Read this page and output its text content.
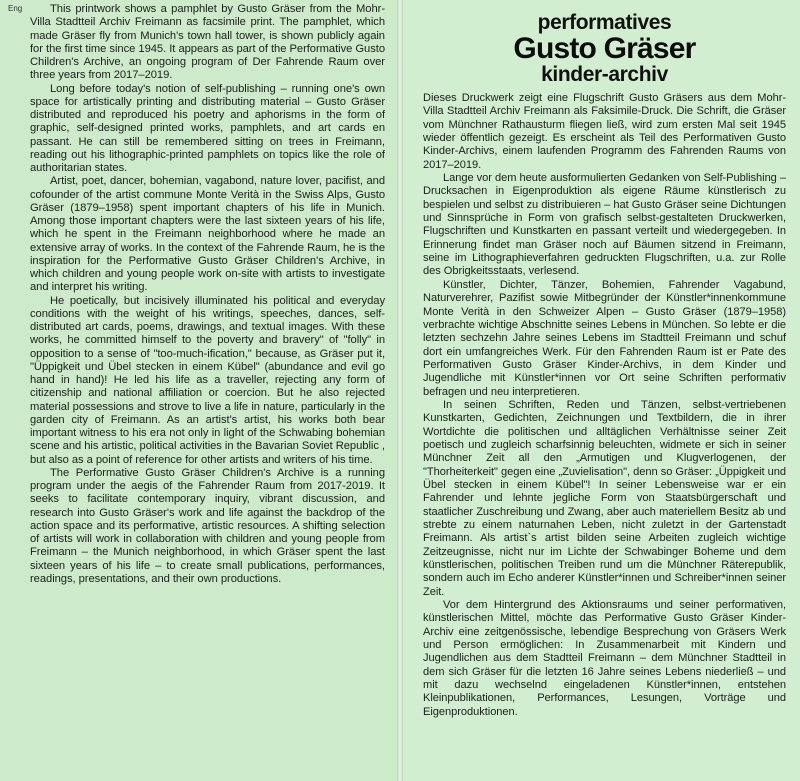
Eng	This printwork shows a pamphlet by Gusto Gräser from the Mohr-Villa Stadtteil Archiv Freimann as facsimile print. The pamphlet, which made Gräser fly from Munich's town hall tower, is shown publicly again for the first time since 1945. It appears as part of the Performative Gusto Children's Archive, an ongoing program of Der Fahrende Raum over three years from 2017–2019.

Long before today's notion of self-publishing – running one's own space for artistically printing and distributing material – Gusto Gräser distributed and reproduced his poetry and aphorisms in the form of graphic, self-designed printed works, pamphlets, and art cards en passant. He can still be remembered sitting on trees in Freimann, reading out his lithographic-printed pamphlets on topics like the role of authoritarian states.

Artist, poet, dancer, bohemian, vagabond, nature lover, pacifist, and cofounder of the artist commune Monte Verità in the Swiss Alps, Gusto Gräser (1879–1958) spent important chapters of his life in Munich. Among those important chapters were the last sixteen years of his life, which he spent in the Freimann neighborhood where he made an extensive array of works. In the context of the Fahrende Raum, he is the inspiration for the Performative Gusto Gräser Children's Archive, in which children and young people work on-site with artists to investigate and interpret his writing.

He poetically, but incisively illuminated his political and everyday conditions with the weight of his writings, speeches, dances, self-distributed art cards, poems, drawings, and textual images. With these works, he committed himself to the poverty and bravery" of "folly" in opposition to a sense of "too-much-ification," because, as Gräser put it, "Üppigkeit und Übel stecken in einem Kübel" (abundance and evil go hand in hand)! He led his life as a traveller, rejecting any form of citizenship and national affiliation or coercion. But he also rejected material possessions and strove to live a life in nature, particularly in the garden city of Freimann. As an artist's artist, his works both bear important witness to his era not only in light of the Schwabing bohemian scene and his artistic, political activities in the Bavarian Soviet Republic , but also as a point of reference for other artists and writers of his time.

The Performative Gusto Gräser Children's Archive is a running program under the aegis of the Fahrender Raum from 2017-2019. It seeks to facilitate contemporary inquiry, vibrant discussion, and research into Gusto Gräser's work and life against the backdrop of the action space and its performative, artistic resources. A shifting selection of artists will work in collaboration with children and young people from Freimann – the Munich neighborhood, in which Gräser spent the last sixteen years of his life – to create small publications, performances, readings, presentations, and their own productions.

performatives
Gusto Gräser
kinder-archiv

Dieses Druckwerk zeigt eine Flugschrift Gusto Gräsers aus dem Mohr-Villa Stadtteil Archiv Freimann als Faksimile-Druck. Die Schrift, die Gräser vom Münchner Rathausturm fliegen ließ, wird zum ersten Mal seit 1945 wieder öffentlich gezeigt. Es erscheint als Teil des Performativen Gusto Kinder-Archivs, einem laufenden Programm des Fahrenden Raums von 2017–2019.

Lange vor dem heute ausformulierten Gedanken von Self-Publishing – Drucksachen in Eigenproduktion als eigene Räume künstlerisch zu bespielen und selbst zu distribuieren – hat Gusto Gräser seine Dichtungen und Sinnsprüche in Form von grafisch selbst-gestalteten Druckwerken, Flugschriften und Kunstkarten en passant verteilt und wiedergegeben. In Erinnerung findet man Gräser noch auf Bäumen sitzend in Freimann, seine im Lithographieverfahren gedruckten Flugschriften, u.a. zur Rolle des Obrigkeitsstaats, verlesend.

Künstler, Dichter, Tänzer, Bohemien, Fahrender Vagabund, Naturverehrer, Pazifist sowie Mitbegründer der Künstler*innenkommune Monte Verità in den Schweizer Alpen – Gusto Gräser (1879–1958) verbrachte wichtige Abschnitte seines Lebens in München. So lebte er die letzten sechzehn Jahre seines Lebens im Stadtteil Freimann und schuf dort ein umfangreiches Werk. Für den Fahrenden Raum ist er Pate des Performativen Gusto Gräser Kinder-Archivs, in dem Kinder und Jugendliche mit Künstler*innen vor Ort seine Schriften performativ befragen und neu interpretieren.

In seinen Schriften, Reden und Tänzen, selbst-vertriebenen Kunstkarten, Gedichten, Zeichnungen und Textbildern, die in ihrer Wortdichte die politischen und alltäglichen Verhältnisse seiner Zeit poetisch und zugleich scharfsinnig beleuchten, widmete er sich in seiner Münchner Zeit all den „Armutigen und Klugverlogenen, der "Thorheiterkeit" gegen eine „Zuvielisation", denn so Gräser: „Üppigkeit und Übel stecken in einem Kübel"! In seiner Lebensweise war er ein Fahrender und lehnte jegliche Form von Staatsbürgerschaft und staatlicher Zuschreibung und Zwang, aber auch materiellem Besitz ab und strebte zu einem naturnahen Leben, nicht zuletzt in der Gartenstadt Freimann. Als artist`s artist bilden seine Arbeiten zugleich wichtige Zeitzeugnisse, nicht nur im Lichte der Schwabinger Boheme und dem künstlerischen, politischen Treiben rund um die Münchner Räterepublik, sondern auch im Echo anderer Künstler*innen und Schreiber*innen seiner Zeit.

Vor dem Hintergrund des Aktionsraums und seiner performativen, künstlerischen Mittel, möchte das Performative Gusto Gräser Kinder-Archiv eine zeitgenössische, lebendige Besprechung von Gräsers Werk und Person ermöglichen: In Zusammenarbeit mit Kindern und Jugendlichen aus dem Stadtteil Freimann – dem Münchner Stadtteil in dem sich Gräser für die letzten 16 Jahre seines Lebens niederließ – und mit dazu wechselnd eingeladenen Künstler*innen, entstehen Kleinpublikationen, Performances, Lesungen, Vorträge und Eigenproduktionen.
